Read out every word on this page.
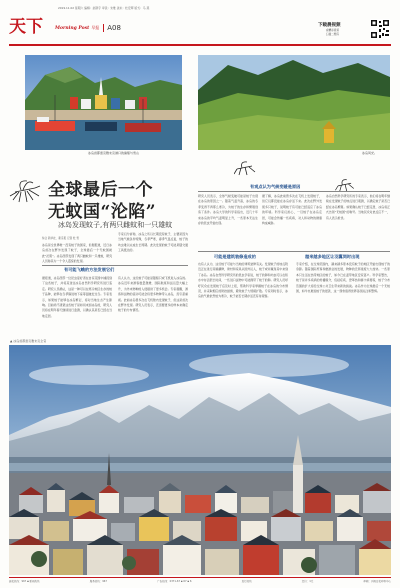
2019.11.02 星期六 编辑：赵斯宇 审读：朱维 美术：杜宏辉 版式：马 燕
天下	Morning Post 早报	A08	下载晨视频
看精彩视频
扫描二维码
冰岛首都雷克雅未克港口的渔船与雪山	冰岛风光。
全球最后一个
无蚊国“沦陷”
冰岛发现蚊子,有两只雌蚊和一只雄蚊
综合 新华社、新京报 记者 杜 雪
冰岛是全世界唯一没有蚊子的国家，但据报道，近日冰岛首次在野外发现了蚊子，全球最后一个无蚊国就此“沦陷”。冰岛西部发现了两只雌蚊和一只雄蚊，研究人员称其为一个令人震惊的发现。
专家们分析称，冰岛之所以长期没有蚊子，主要是因为当地气候条件特殊，冬季严寒，春季气温反复，蚊子的幼虫难以完成生长周期。此次发现的蚊子可能是随交通工具抵达的。
有可能飞蛾的方法发展它们
据报道，冰岛西部一位昆虫爱好者在自家花园中捕捉到了这些蚊子，并将其送往冰岛自然科学研究所进行鉴定。研究人员确认，这是一种可以在寒冷地区生存的蚊子品种，能够在冬季躲进地下室等温暖处过冬。专家表示，如果蚊子能够在冰岛繁衍，将对当地生态产生影响。目前尚不清楚这些蚊子是如何来到冰岛的，研究人员将在明年春天继续进行监测，以确认其是否已经在当地定居。
有人认为，这些蚊子可能是随船只或飞机进入冰岛的。冰岛近年来游客数量激增，国际航班和货运量大幅上升，为外来物种的入侵提供了更多机会。专家提醒，游客和货物的流动可能会将更多物种带入冰岛，需引起重视。此前冰岛曾多次在飞机舱内发现蚊子，但这是首次在野外发现。研究人员表示，还需要更多的样本来确定蚊子的分布情况。
有观点认为气候变暖是原因
研究人员表示，全球气候变暖可能是蚊子出现在冰岛的原因之一。随着气温升高，冰岛的冬季变得不再那么寒冷，为蚊子的生存和繁殖创造了条件。冰岛大学的科学家指出，近几十年来冰岛的平均气温明显上升，一些原本无法生存的昆虫开始出现。
据了解，冰岛此前曾多次在飞机上发现蚊子，但它们都没能在冰岛存活下来。此次在野外发现多只蚊子，说明蚊子有可能已经适应了冰岛的环境。科学家们担心，一旦蚊子在冰岛定居，可能会传播一些疾病，对人和动物的健康构成威胁。
冰岛自然科学研究所的专家表示，他们将在明年继续在发现蚊子的地点进行观测，以确定蚊子是否已经在冰岛繁殖。如果确认蚊子已经定居，冰岛将正式告别“无蚊国”的称号。当地民众对此反应不一，有人表示担忧。
可能是建筑装修造成的	越来越多地区让羽翼同时出现
也有人认为，这些蚊子可能与当地的建筑装修有关。发现蚊子的地点附近正在进行房屋翻修，建材和家具从国外运入，蚊子或许藏身其中来到了冰岛。冰岛自然科学研究所的昆虫学家说，蚊子的卵和幼虫可以在积水中存活很长时间，一些进口货物中可能携带了蚊子的卵。研究人员呼吁民众在发现蚊子后及时上报，帮助科学家掌握蚊子在冰岛的分布情况，并采取相应的防控措施，避免蚊子大规模扩散。专家同时表示，冰岛的气候依然较为寒冷，蚊子能否长期存活还有待观察。
专家介绍，在全球范围内，越来越多原本没有蚊子的地区开始出现蚊子的身影。随着国际贸易和旅游业的发展，物种的迁移速度大大加快。一些原本只生活在热带地区的蚊子，如今已在温带地区安家落户。科学家警告，蚊子是许多疾病的传播媒介，包括疟疾、登革热和寨卡病毒等，蚊子分布范围的扩大将给全球公共卫生带来新的挑战。冰岛作为全球最后一个无蚊国，如今也难逃蚊子的侵袭，这一现象值得世界各国关注和警惕。
▲ 冰岛首都雷克雅未克全景
晨报热线：967 ▪ 新闻热线	服务热线：967	广告热线：0371-67 ▪ 67 ▪ 6	发行热线	定价：1元	印刷：河南日报印务中心
